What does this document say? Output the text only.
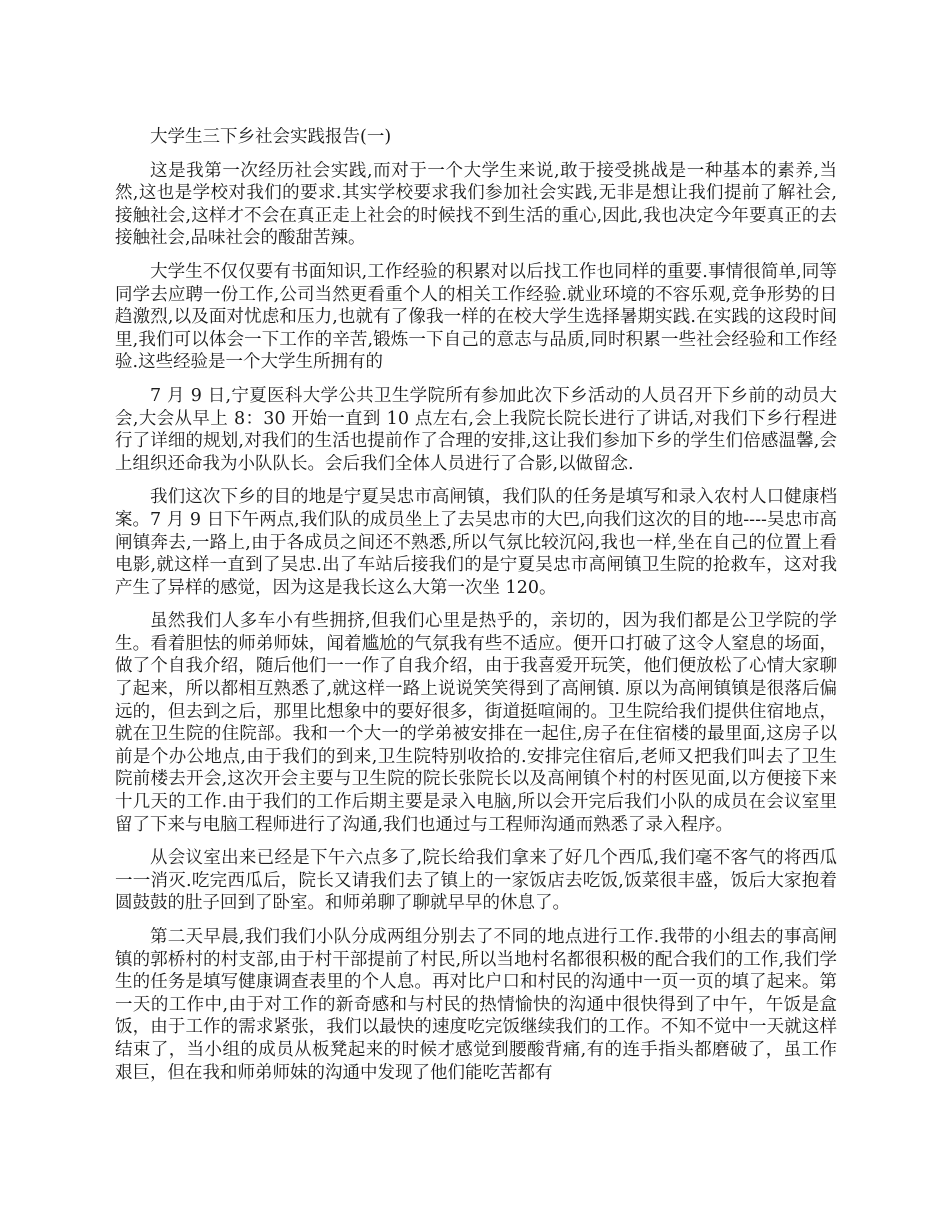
大学生三下乡社会实践报告(一)

这是我第一次经历社会实践,而对于一个大学生来说,敢于接受挑战是一种基本的素养,当然,这也是学校对我们的要求.其实学校要求我们参加社会实践,无非是想让我们提前了解社会,接触社会,这样才不会在真正走上社会的时候找不到生活的重心,因此,我也决定今年要真正的去接触社会,品味社会的酸甜苦辣。

大学生不仅仅要有书面知识,工作经验的积累对以后找工作也同样的重要.事情很简单,同等同学去应聘一份工作,公司当然更看重个人的相关工作经验.就业环境的不容乐观,竞争形势的日趋激烈,以及面对忧虑和压力,也就有了像我一样的在校大学生选择暑期实践.在实践的这段时间里,我们可以体会一下工作的辛苦,锻炼一下自己的意志与品质,同时积累一些社会经验和工作经验.这些经验是一个大学生所拥有的

7 月 9 日,宁夏医科大学公共卫生学院所有参加此次下乡活动的人员召开下乡前的动员大会,大会从早上 8：30 开始一直到 10 点左右,会上我院长院长进行了讲话,对我们下乡行程进行了详细的规划,对我们的生活也提前作了合理的安排,这让我们参加下乡的学生们倍感温馨,会上组织还命我为小队队长。会后我们全体人员进行了合影,以做留念.

我们这次下乡的目的地是宁夏吴忠市高闸镇，我们队的任务是填写和录入农村人口健康档案。7 月 9 日下午两点,我们队的成员坐上了去吴忠市的大巴,向我们这次的目的地----吴忠市高闸镇奔去,一路上,由于各成员之间还不熟悉,所以气氛比较沉闷,我也一样,坐在自己的位置上看电影,就这样一直到了吴忠.出了车站后接我们的是宁夏吴忠市高闸镇卫生院的抢救车，这对我产生了异样的感觉，因为这是我长这么大第一次坐 120。

虽然我们人多车小有些拥挤,但我们心里是热乎的，亲切的，因为我们都是公卫学院的学生。看着胆怯的师弟师妹，闻着尴尬的气氛我有些不适应。便开口打破了这令人窒息的场面，做了个自我介绍，随后他们一一作了自我介绍，由于我喜爱开玩笑，他们便放松了心情大家聊了起来，所以都相互熟悉了,就这样一路上说说笑笑得到了高闸镇. 原以为高闸镇镇是很落后偏远的，但去到之后，那里比想象中的要好很多，街道挺喧闹的。卫生院给我们提供住宿地点，就在卫生院的住院部。我和一个大一的学弟被安排在一起住,房子在住宿楼的最里面,这房子以前是个办公地点,由于我们的到来,卫生院特别收拾的.安排完住宿后,老师又把我们叫去了卫生院前楼去开会,这次开会主要与卫生院的院长张院长以及高闸镇个村的村医见面,以方便接下来十几天的工作.由于我们的工作后期主要是录入电脑,所以会开完后我们小队的成员在会议室里留了下来与电脑工程师进行了沟通,我们也通过与工程师沟通而熟悉了录入程序。

从会议室出来已经是下午六点多了,院长给我们拿来了好几个西瓜,我们毫不客气的将西瓜一一消灭.吃完西瓜后，院长又请我们去了镇上的一家饭店去吃饭,饭菜很丰盛，饭后大家抱着圆鼓鼓的肚子回到了卧室。和师弟聊了聊就早早的休息了。

第二天早晨,我们我们小队分成两组分别去了不同的地点进行工作.我带的小组去的事高闸镇的郭桥村的村支部,由于村干部提前了村民,所以当地村名都很积极的配合我们的工作,我们学生的任务是填写健康调查表里的个人息。再对比户口和村民的沟通中一页一页的填了起来。第一天的工作中,由于对工作的新奇感和与村民的热情愉快的沟通中很快得到了中午，午饭是盒饭，由于工作的需求紧张，我们以最快的速度吃完饭继续我们的工作。不知不觉中一天就这样结束了，当小组的成员从板凳起来的时候才感觉到腰酸背痛,有的连手指头都磨破了，虽工作艰巨，但在我和师弟师妹的沟通中发现了他们能吃苦都有
